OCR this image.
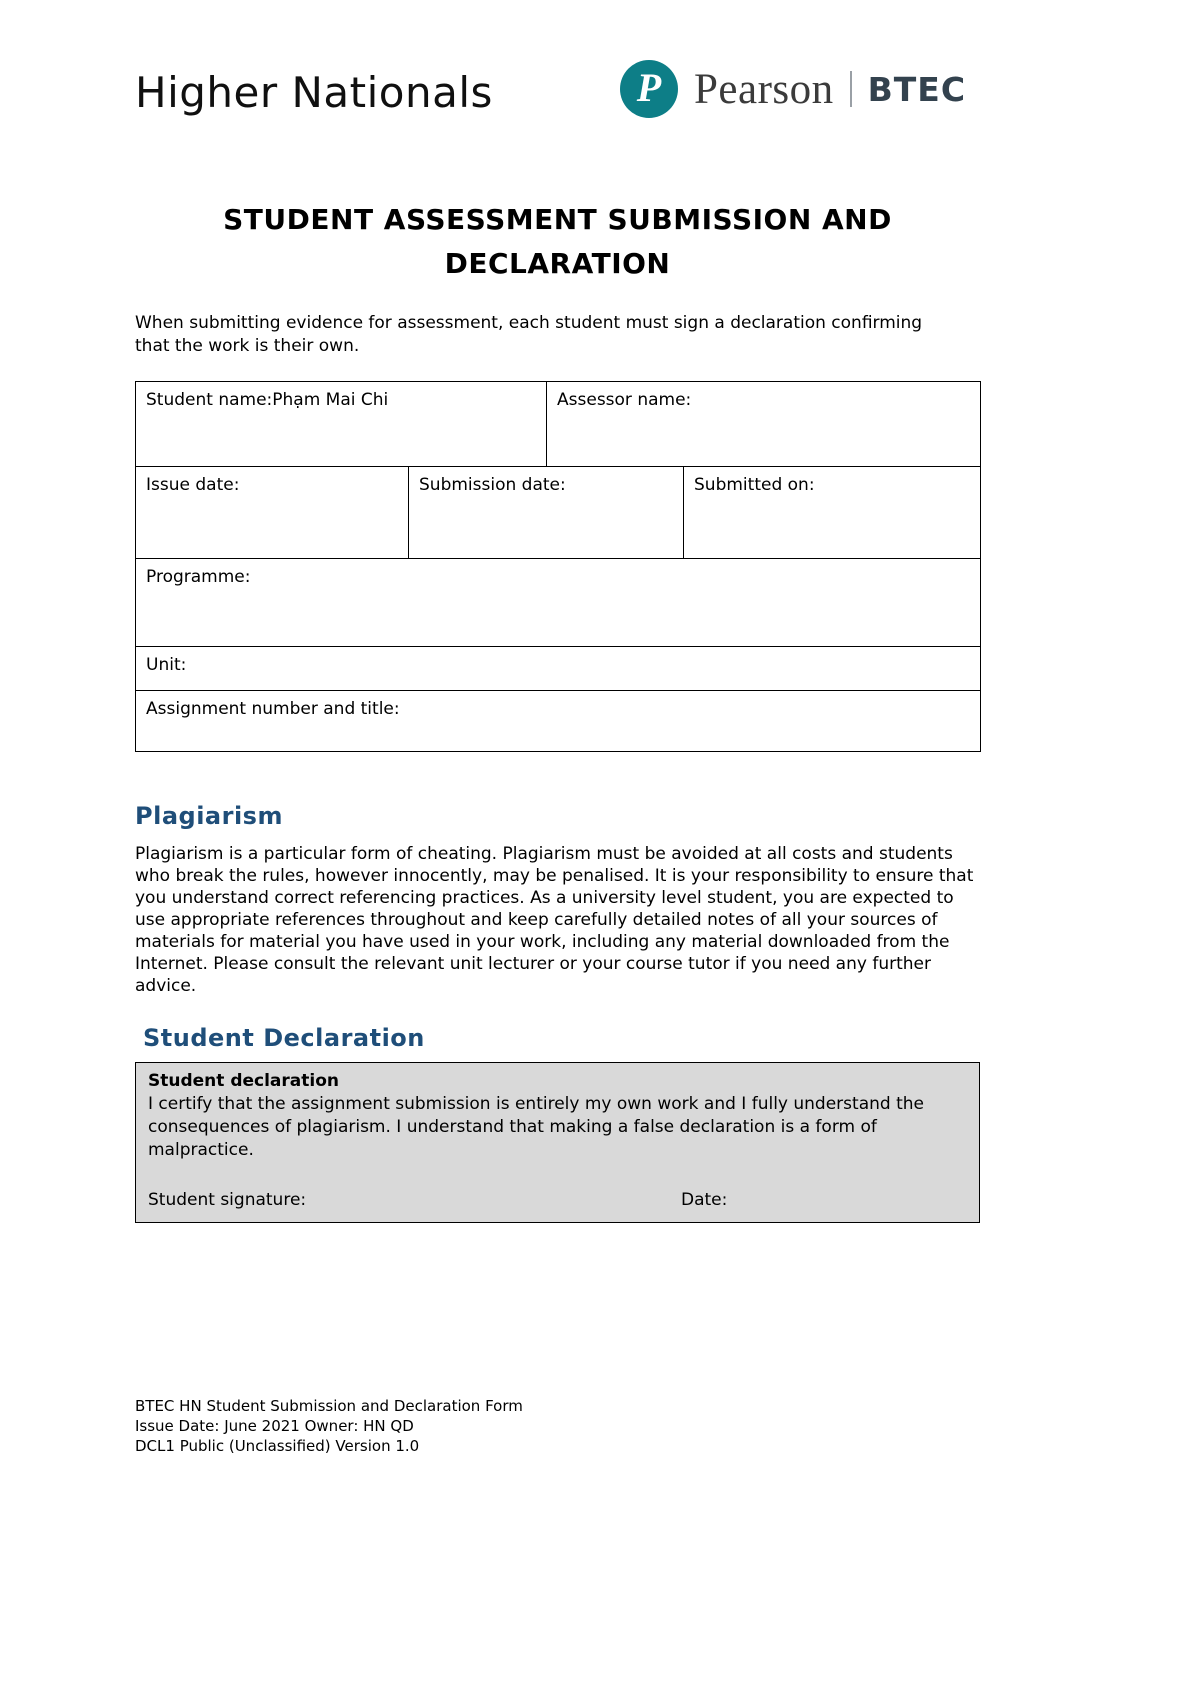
Higher Nationals	P Pearson BTEC
STUDENT ASSESSMENT SUBMISSION AND
DECLARATION

When submitting evidence for assessment, each student must sign a declaration confirming that the work is their own.

Student name:Phạm Mai Chi		Assessor name:	
Issue date:	Submission date:		Submitted on:
Programme:			
Unit:			
Assignment number and title:			
Plagiarism

Plagiarism is a particular form of cheating. Plagiarism must be avoided at all costs and students who break the rules, however innocently, may be penalised. It is your responsibility to ensure that you understand correct referencing practices. As a university level student, you are expected to use appropriate references throughout and keep carefully detailed notes of all your sources of materials for material you have used in your work, including any material downloaded from the Internet. Please consult the relevant unit lecturer or your course tutor if you need any further advice.

Student Declaration
Student declaration

I certify that the assignment submission is entirely my own work and I fully understand the consequences of plagiarism. I understand that making a false declaration is a form of malpractice.

Student signature:	Date:
BTEC HN Student Submission and Declaration Form
Issue Date: June 2021 Owner: HN QD
DCL1 Public (Unclassified) Version 1.0
